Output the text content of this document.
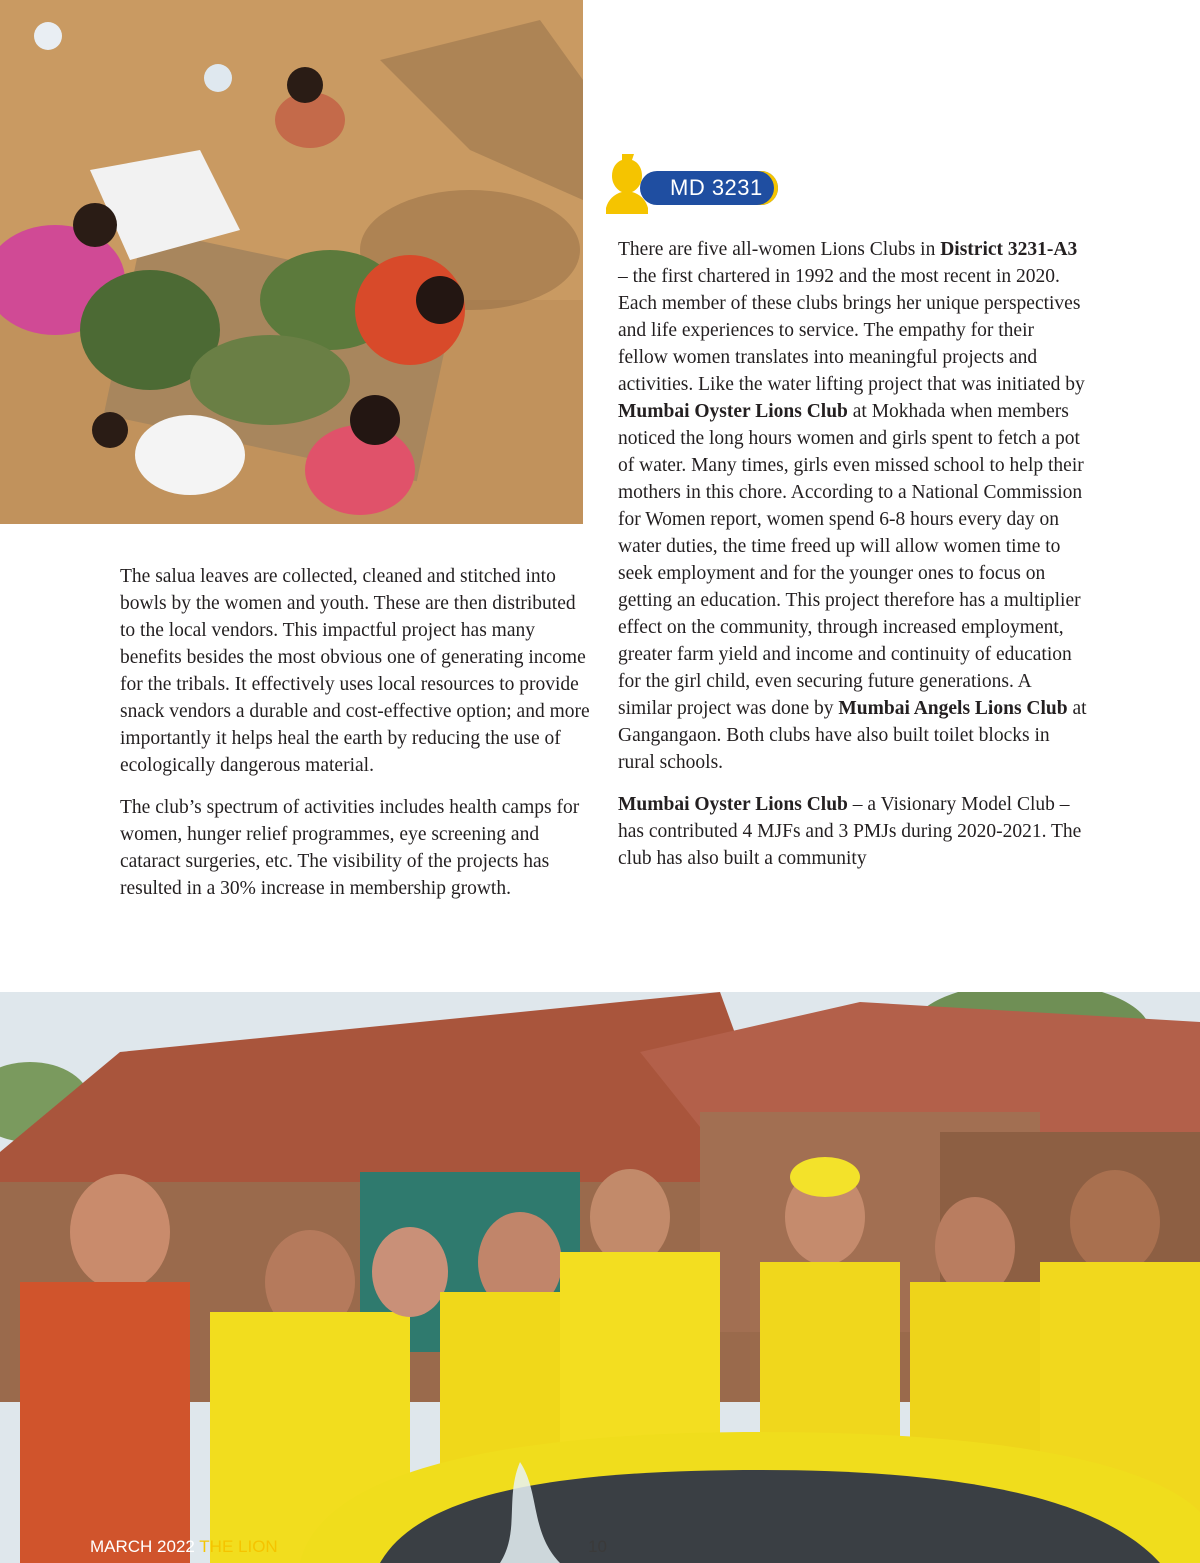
MD 3231

The salua leaves are collected, cleaned and stitched into bowls by the women and youth. These are then distributed to the local vendors. This impactful project has many benefits besides the most obvious one of generating income for the tribals. It effectively uses local resources to provide snack vendors a durable and cost-effective option; and more importantly it helps heal the earth by reducing the use of ecologically dangerous material.

The club’s spectrum of activities includes health camps for women, hunger relief programmes, eye screening and cataract surgeries, etc. The visibility of the projects has resulted in a 30% increase in membership growth.

There are five all-women Lions Clubs in District 3231-A3 – the first chartered in 1992 and the most recent in 2020. Each member of these clubs brings her unique perspectives and life experiences to service. The empathy for their fellow women translates into meaningful projects and activities. Like the water lifting project that was initiated by Mumbai Oyster Lions Club at Mokhada when members noticed the long hours women and girls spent to fetch a pot of water. Many times, girls even missed school to help their mothers in this chore. According to a National Commission for Women report, women spend 6-8 hours every day on water duties, the time freed up will allow women time to seek employment and for the younger ones to focus on getting an education. This project therefore has a multiplier effect on the community, through increased employment, greater farm yield and income and continuity of education for the girl child, even securing future generations. A similar project was done by Mumbai Angels Lions Club at Gangangaon. Both clubs have also built toilet blocks in rural schools.

Mumbai Oyster Lions Club – a Visionary Model Club – has contributed 4 MJFs and 3 PMJs during 2020-2021. The club has also built a community

MARCH 2022 THE LION	10
